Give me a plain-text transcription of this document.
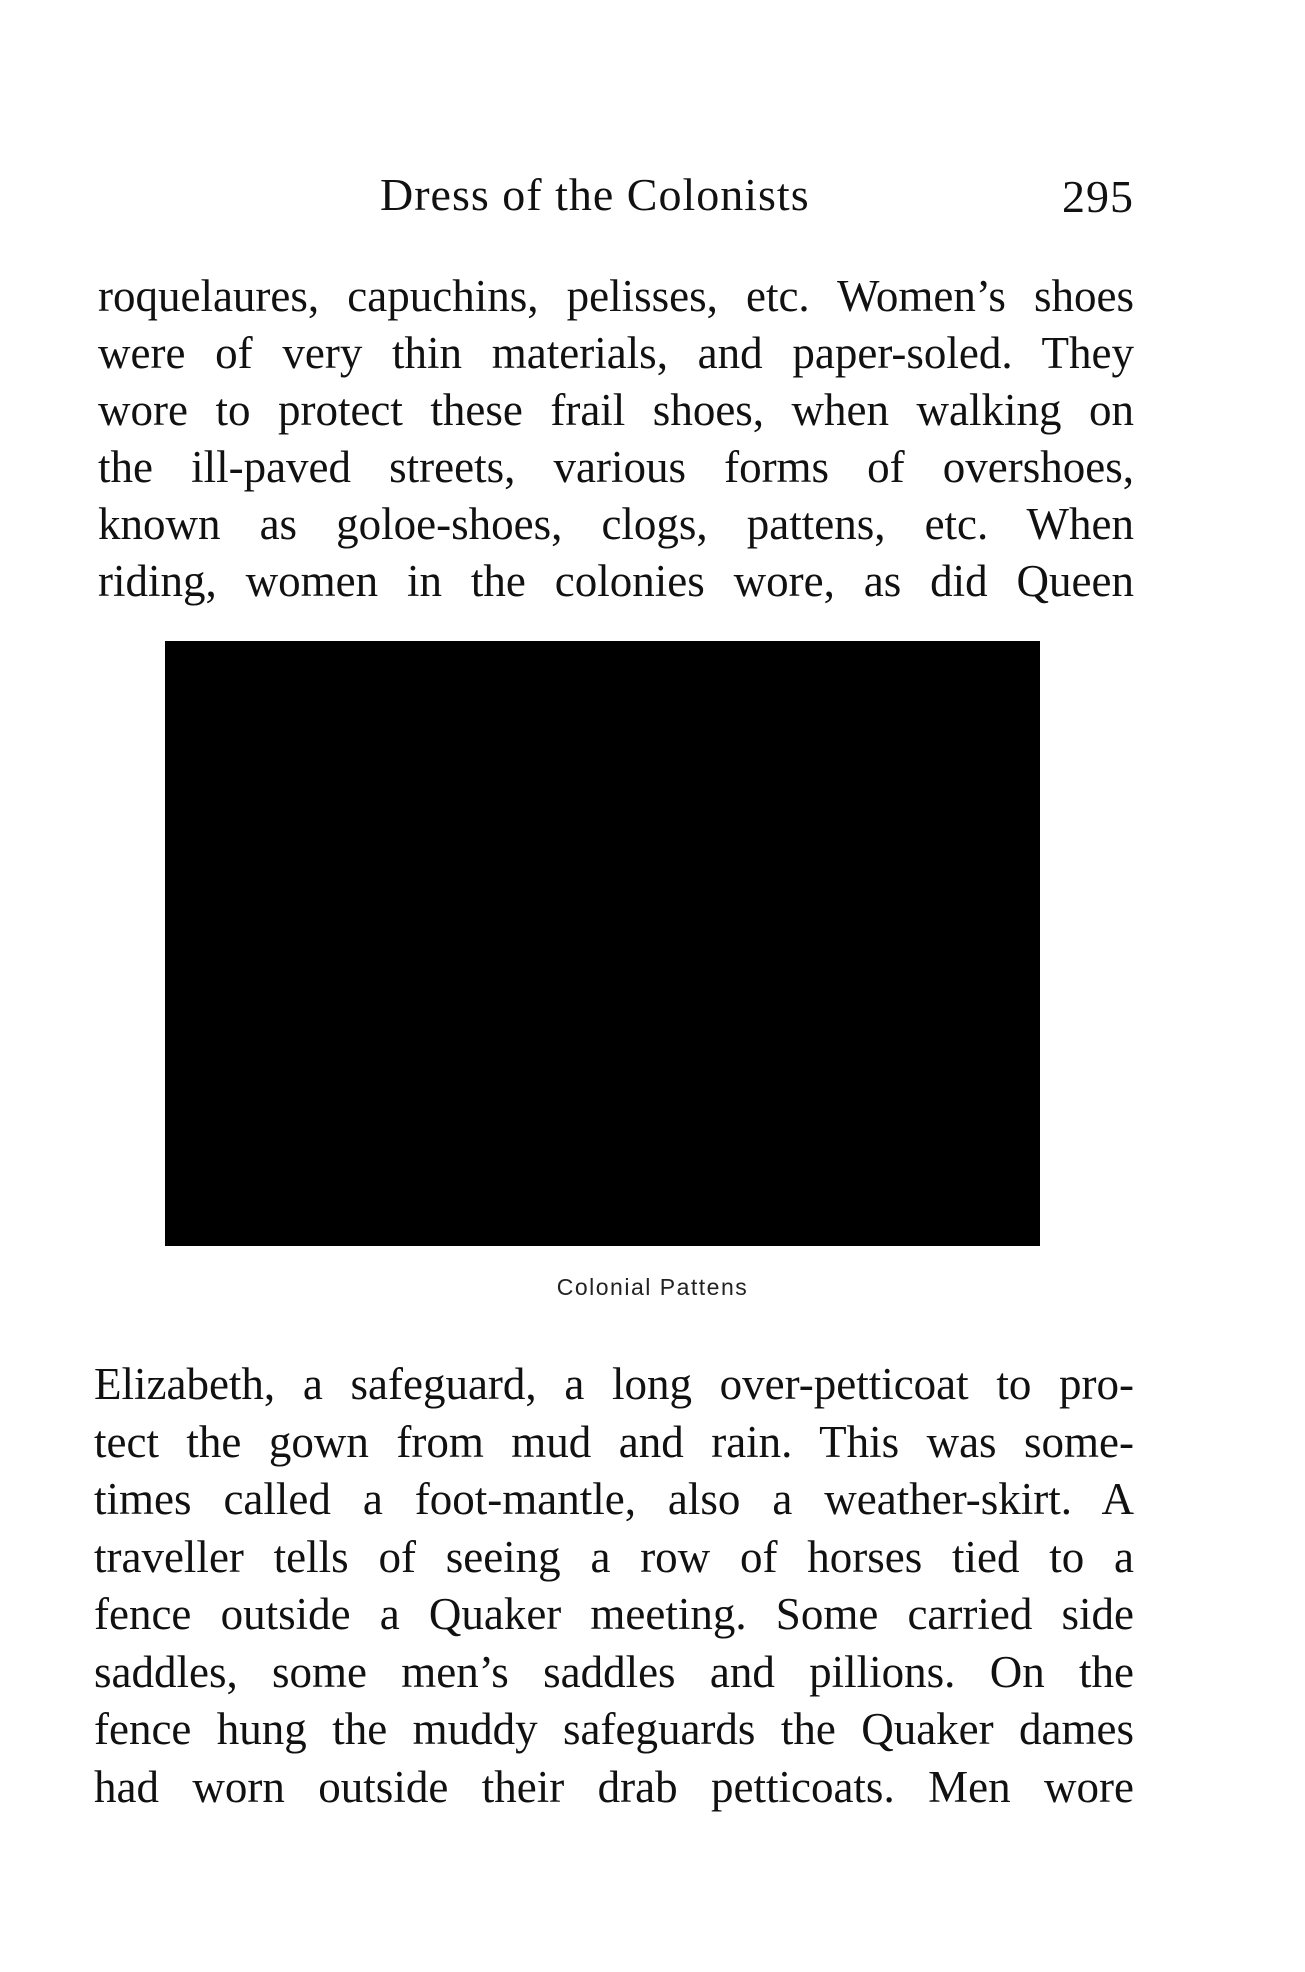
Dress of the Colonists	295
roquelaures, capuchins, pelisses, etc. Women’s shoes
were of very thin materials, and paper-soled. They
wore to protect these frail shoes, when walking on
the ill-paved streets, various forms of overshoes,
known as goloe-shoes, clogs, pattens, etc. When
riding, women in the colonies wore, as did Queen
Colonial Pattens
Elizabeth, a safeguard, a long over-petticoat to pro-
tect the gown from mud and rain. This was some-
times called a foot-mantle, also a weather-skirt. A
traveller tells of seeing a row of horses tied to a
fence outside a Quaker meeting. Some carried side
saddles, some men’s saddles and pillions. On the
fence hung the muddy safeguards the Quaker dames
had worn outside their drab petticoats. Men wore
